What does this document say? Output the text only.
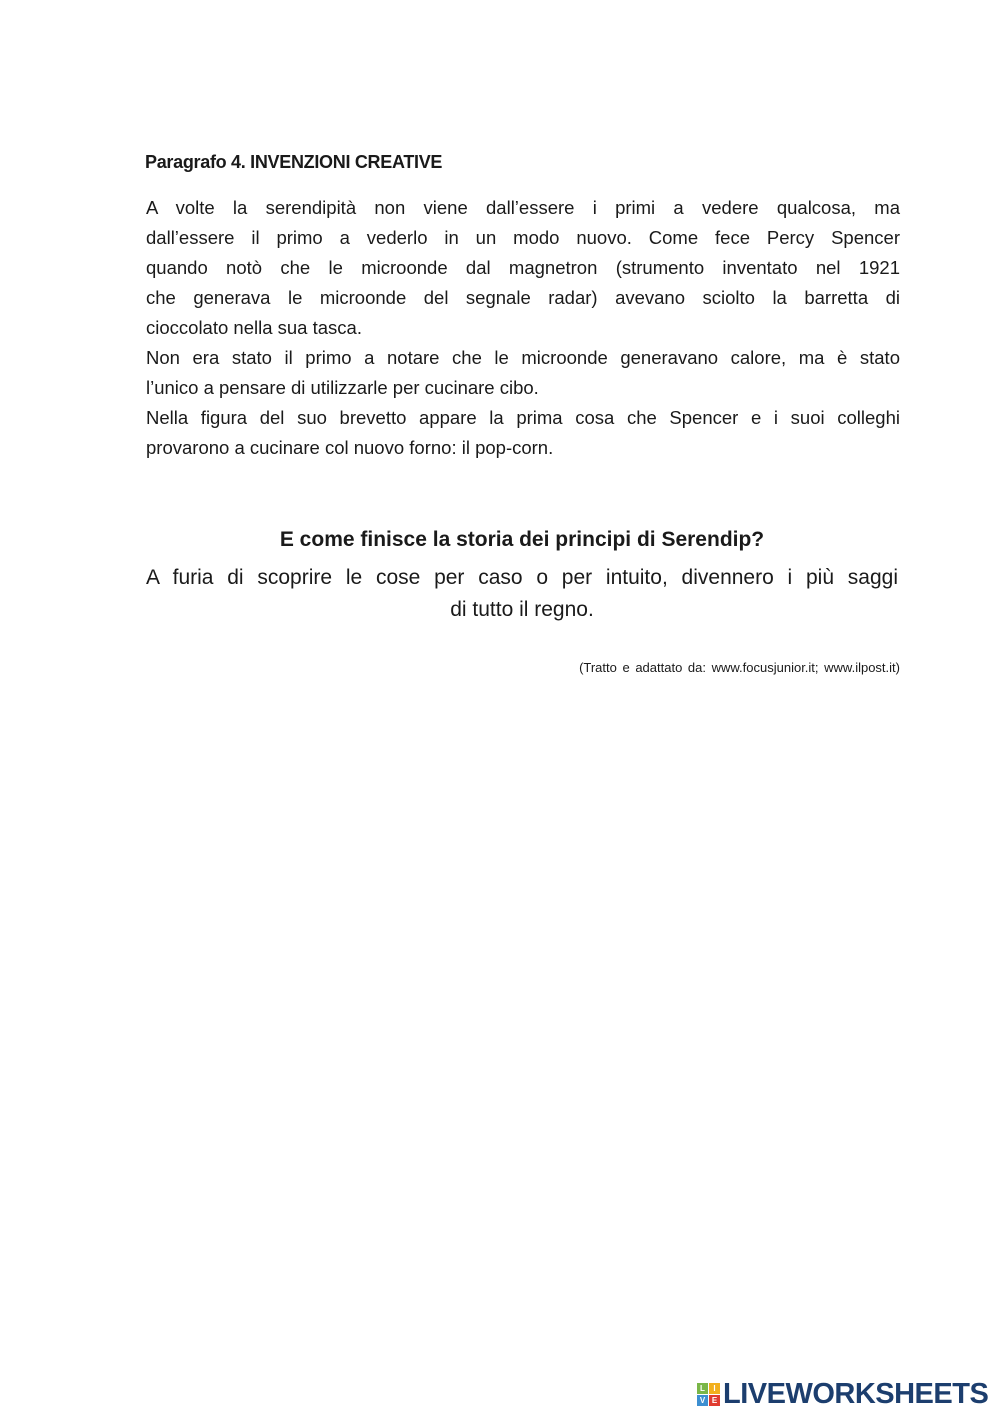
Paragrafo 4. INVENZIONI CREATIVE
A volte la serendipità non viene dall’essere i primi a vedere qualcosa, ma
dall’essere il primo a vederlo in un modo nuovo. Come fece Percy Spencer
quando notò che le microonde dal magnetron (strumento inventato nel 1921
che generava le microonde del segnale radar) avevano sciolto la barretta di
cioccolato nella sua tasca.
Non era stato il primo a notare che le microonde generavano calore, ma è stato
l’unico a pensare di utilizzarle per cucinare cibo.
Nella figura del suo brevetto appare la prima cosa che Spencer e i suoi colleghi
provarono a cucinare col nuovo forno: il pop-corn.
E come finisce la storia dei principi di Serendip?
A furia di scoprire le cose per caso o per intuito, divennero i più saggi
di tutto il regno.
(Tratto e adattato da: www.focusjunior.it; www.ilpost.it)
L	I
V E LIVEWORKSHEETS
